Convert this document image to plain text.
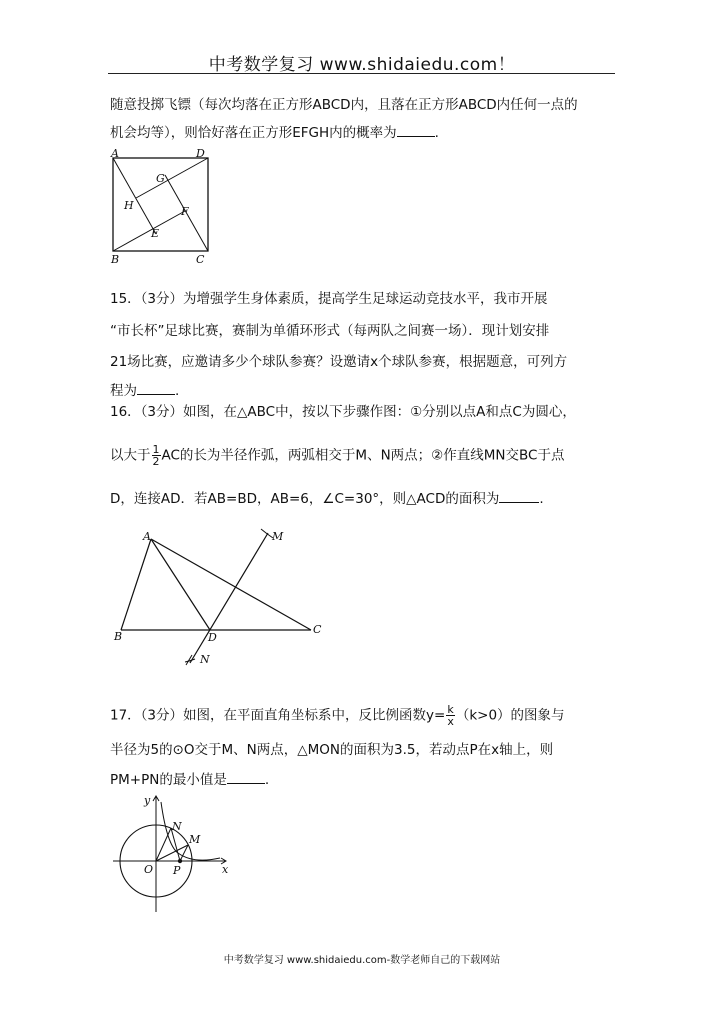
中考数学复习 www.shidaiedu.com！
随意投掷飞镖（每次均落在正方形ABCD内，且落在正方形ABCD内任何一点的
机会均等），则恰好落在正方形EFGH内的概率为	.
A	D
B	C
G
H	F
E
15．（3分）为增强学生身体素质，提高学生足球运动竞技水平，我市开展
“市长杯”足球比赛，赛制为单循环形式（每两队之间赛一场）．现计划安排
21场比赛，应邀请多少个球队参赛？设邀请x个球队参赛，根据题意，可列方
程为	.
16．（3分）如图，在△ABC中，按以下步骤作图：①分别以点A和点C为圆心，
以大于 $\frac{1}{2}$ AC的长为半径作弧，两弧相交于M、N两点；②作直线MN交BC于点
D，连接AD．若AB=BD，AB=6，∠C=30°，则△ACD的面积为	.
A	M
B	D
C
N
17．（3分）如图，在平面直角坐标系中，反比例函数$y= \frac{k}{x} (k>0)$的图象与
半径为5的⊙O交于M、N两点，△MON的面积为3.5，若动点P在x轴上，则
PM+PN的最小值是	.
y
N
M
O P	x
中考数学复习 www.shidaiedu.com-数学老师自己的下载网站
